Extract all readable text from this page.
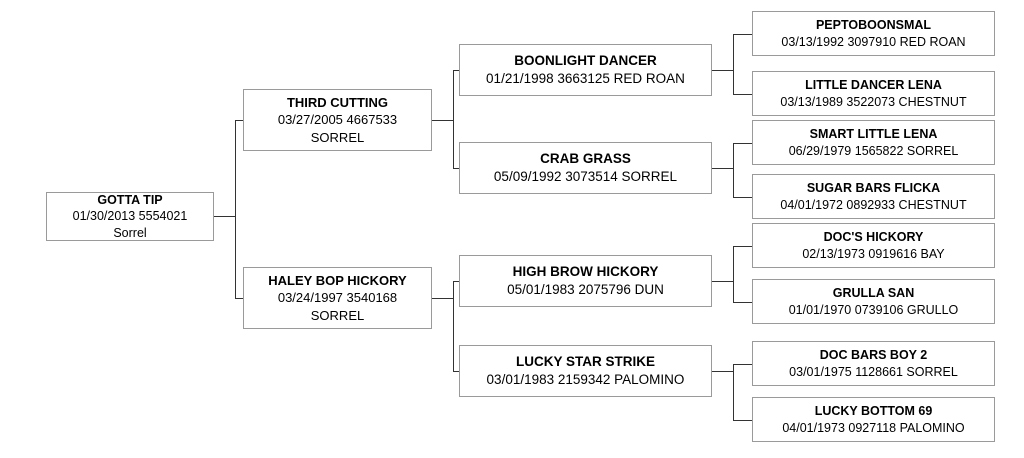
GOTTA TIP
01/30/2013 5554021
Sorrel
THIRD CUTTING
03/27/2005 4667533
SORREL
HALEY BOP HICKORY
03/24/1997 3540168
SORREL
BOONLIGHT DANCER
01/21/1998 3663125 RED ROAN
CRAB GRASS
05/09/1992 3073514 SORREL
HIGH BROW HICKORY
05/01/1983 2075796 DUN
LUCKY STAR STRIKE
03/01/1983 2159342 PALOMINO
PEPTOBOONSMAL
03/13/1992 3097910 RED ROAN
LITTLE DANCER LENA
03/13/1989 3522073 CHESTNUT
SMART LITTLE LENA
06/29/1979 1565822 SORREL
SUGAR BARS FLICKA
04/01/1972 0892933 CHESTNUT
DOC'S HICKORY
02/13/1973 0919616 BAY
GRULLA SAN
01/01/1970 0739106 GRULLO
DOC BARS BOY 2
03/01/1975 1128661 SORREL
LUCKY BOTTOM 69
04/01/1973 0927118 PALOMINO
